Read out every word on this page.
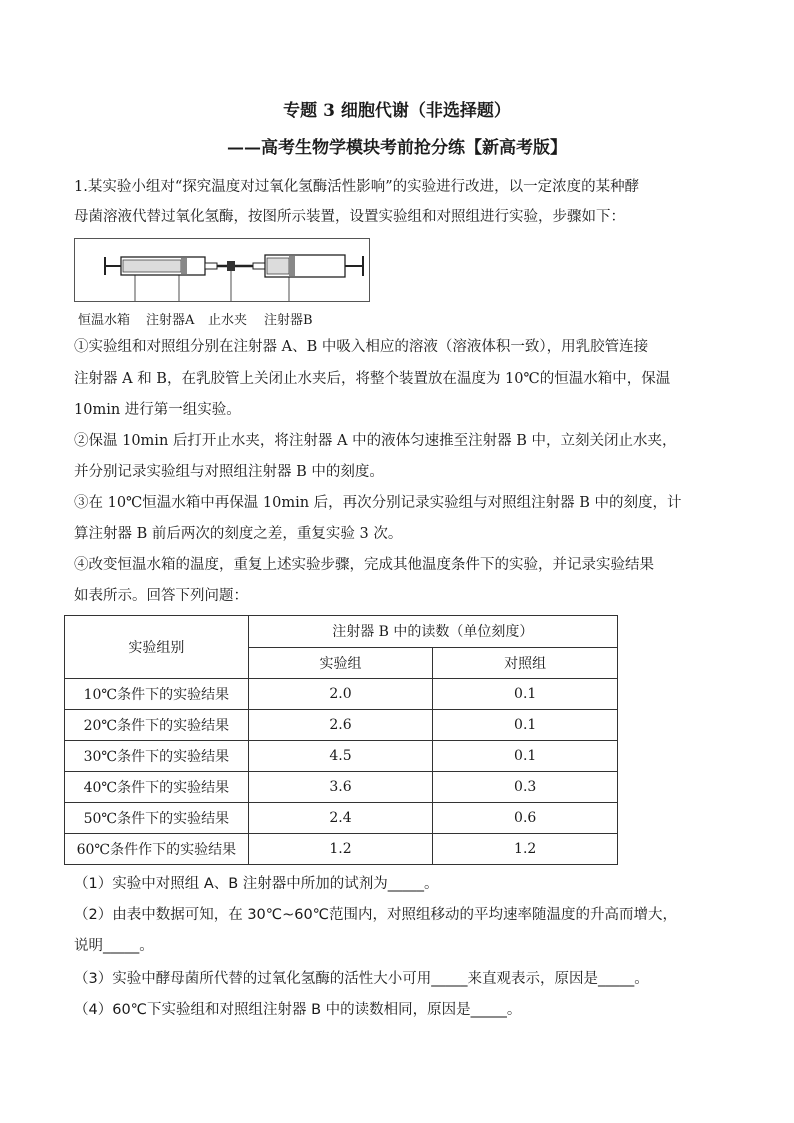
专题 3 细胞代谢（非选择题）
——高考生物学模块考前抢分练【新高考版】
1.某实验小组对“探究温度对过氧化氢酶活性影响”的实验进行改进，以一定浓度的某种酵
母菌溶液代替过氧化氢酶，按图所示装置，设置实验组和对照组进行实验，步骤如下：
恒温水箱 注射器A 止水夹 注射器B
①实验组和对照组分别在注射器 A、B 中吸入相应的溶液（溶液体积一致），用乳胶管连接
注射器 A 和 B，在乳胶管上关闭止水夹后，将整个装置放在温度为 10℃的恒温水箱中，保温
10min 进行第一组实验。
②保温 10min 后打开止水夹，将注射器 A 中的液体匀速推至注射器 B 中，立刻关闭止水夹，
并分别记录实验组与对照组注射器 B 中的刻度。
③在 10℃恒温水箱中再保温 10min 后，再次分别记录实验组与对照组注射器 B 中的刻度，计
算注射器 B 前后两次的刻度之差，重复实验 3 次。
④改变恒温水箱的温度，重复上述实验步骤，完成其他温度条件下的实验，并记录实验结果
如表所示。回答下列问题：
实验组别	注射器 B 中的读数（单位刻度）	
	实验组	对照组
10℃条件下的实验结果	2.0	0.1
20℃条件下的实验结果	2.6	0.1
30℃条件下的实验结果	4.5	0.1
40℃条件下的实验结果	3.6	0.3
50℃条件下的实验结果	2.4	0.6
60℃条件作下的实验结果	1.2	1.2
（1）实验中对照组 A、B 注射器中所加的试剂为_____。
（2）由表中数据可知，在 30℃~60℃范围内，对照组移动的平均速率随温度的升高而增大，
说明_____。
（3）实验中酵母菌所代替的过氧化氢酶的活性大小可用_____来直观表示，原因是_____。
（4）60℃下实验组和对照组注射器 B 中的读数相同，原因是_____。
